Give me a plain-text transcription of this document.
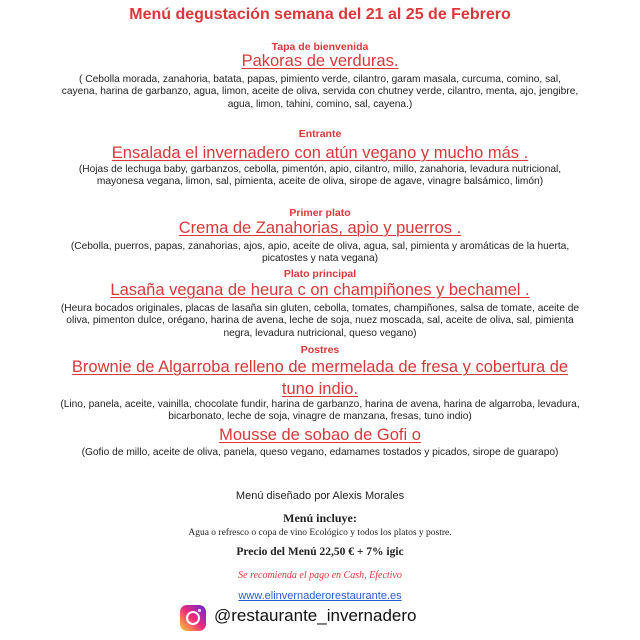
Menú degustación semana del 21 al 25 de Febrero
Tapa de bienvenida
Pakoras de verduras.
( Cebolla morada, zanahoria, batata, papas, pimiento verde, cilantro, garam masala, curcuma, comino, sal, cayena, harina de garbanzo, agua, limon, aceite de oliva, servida con chutney verde, cilantro, menta, ajo, jengibre, agua, limon, tahini, comino, sal, cayena.)
Entrante
Ensalada el invernadero con atún vegano y mucho más .
(Hojas de lechuga baby, garbanzos, cebolla, pimentón, apio, cilantro, millo, zanahoria, levadura nutricional, mayonesa vegana, limon, sal, pimienta, aceite de oliva, sirope de agave, vinagre balsámico, limón)
Primer plato
Crema de Zanahorias, apio y puerros .
(Cebolla, puerros, papas, zanahorias, ajos, apio, aceite de oliva, agua, sal, pimienta y aromáticas de la huerta, picatostes y nata vegana)
Plato principal
Lasaña vegana de heura c on champiñones y bechamel .
(Heura bocados originales, placas de lasaña sin gluten, cebolla, tomates, champiñones, salsa de tomate, aceite de oliva, pimenton dulce, orégano, harina de avena, leche de soja, nuez moscada, sal, aceite de oliva, sal, pimienta negra, levadura nutricional, queso vegano)
Postres
Brownie de Algarroba relleno de mermelada de fresa y cobertura de tuno indio.
(Lino, panela, aceite, vainilla, chocolate fundir, harina de garbanzo, harina de avena, harina de algarroba, levadura, bicarbonato, leche de soja, vinagre de manzana, fresas, tuno indio)
Mousse de sobao de Gofi o
(Gofio de millo, aceite de oliva, panela, queso vegano, edamames tostados y picados, sirope de guarapo)
Menú diseñado por Alexis Morales
Menú incluye:
Agua o refresco o copa de vino Ecológico y todos los platos y postre.
Precio del Menú 22,50 € + 7% igic
Se recomienda el pago en Cash, Efectivo
www.elinvernaderorestaurante.es
@restaurante_invernadero
